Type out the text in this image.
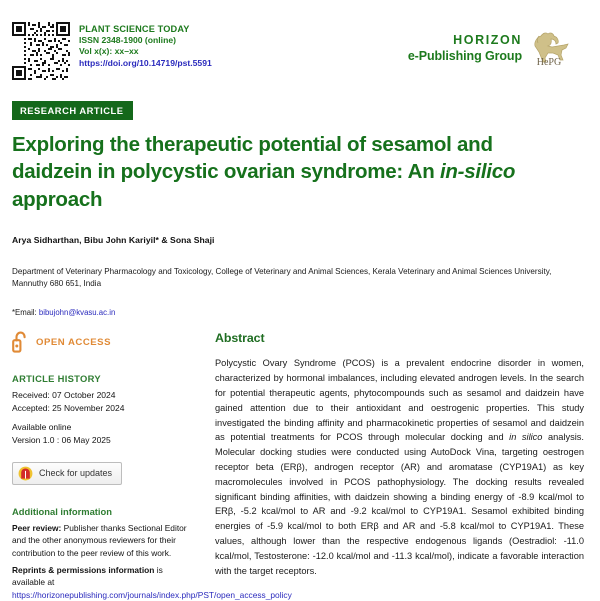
PLANT SCIENCE TODAY
ISSN 2348-1900 (online)
Vol x(x): xx–xx
https://doi.org/10.14719/pst.5591
HORIZON
e-Publishing Group HePG
RESEARCH ARTICLE
Exploring the therapeutic potential of sesamol and daidzein in polycystic ovarian syndrome: An in-silico approach
Arya Sidharthan, Bibu John Kariyil* & Sona Shaji
Department of Veterinary Pharmacology and Toxicology, College of Veterinary and Animal Sciences, Kerala Veterinary and Animal Sciences University, Mannuthy 680 651, India
*Email: bibujohn@kvasu.ac.in
OPEN ACCESS
ARTICLE HISTORY
Received: 07 October 2024
Accepted: 25 November 2024
Available online
Version 1.0 : 06 May 2025
Check for updates
Additional information
Peer review: Publisher thanks Sectional Editor and the other anonymous reviewers for their contribution to the peer review of this work.
Reprints & permissions information is available at https://horizonepublishing.com/journals/index.php/PST/open_access_policy
Abstract
Polycystic Ovary Syndrome (PCOS) is a prevalent endocrine disorder in women, characterized by hormonal imbalances, including elevated androgen levels. In the search for potential therapeutic agents, phytocompounds such as sesamol and daidzein have gained attention due to their antioxidant and oestrogenic properties. This study investigated the binding affinity and pharmacokinetic properties of sesamol and daidzein as potential treatments for PCOS through molecular docking and in silico analysis. Molecular docking studies were conducted using AutoDock Vina, targeting oestrogen receptor beta (ERβ), androgen receptor (AR) and aromatase (CYP19A1) as key macromolecules involved in PCOS pathophysiology. The docking results revealed significant binding affinities, with daidzein showing a binding energy of -8.9 kcal/mol to ERβ, -5.2 kcal/mol to AR and -9.2 kcal/mol to CYP19A1. Sesamol exhibited binding energies of -5.9 kcal/mol to both ERβ and AR and -5.8 kcal/mol to CYP19A1. These values, although lower than the respective endogenous ligands (Oestradiol: -11.0 kcal/mol, Testosterone: -12.0 kcal/mol and -11.3 kcal/mol), indicate a favorable interaction with the target receptors.
